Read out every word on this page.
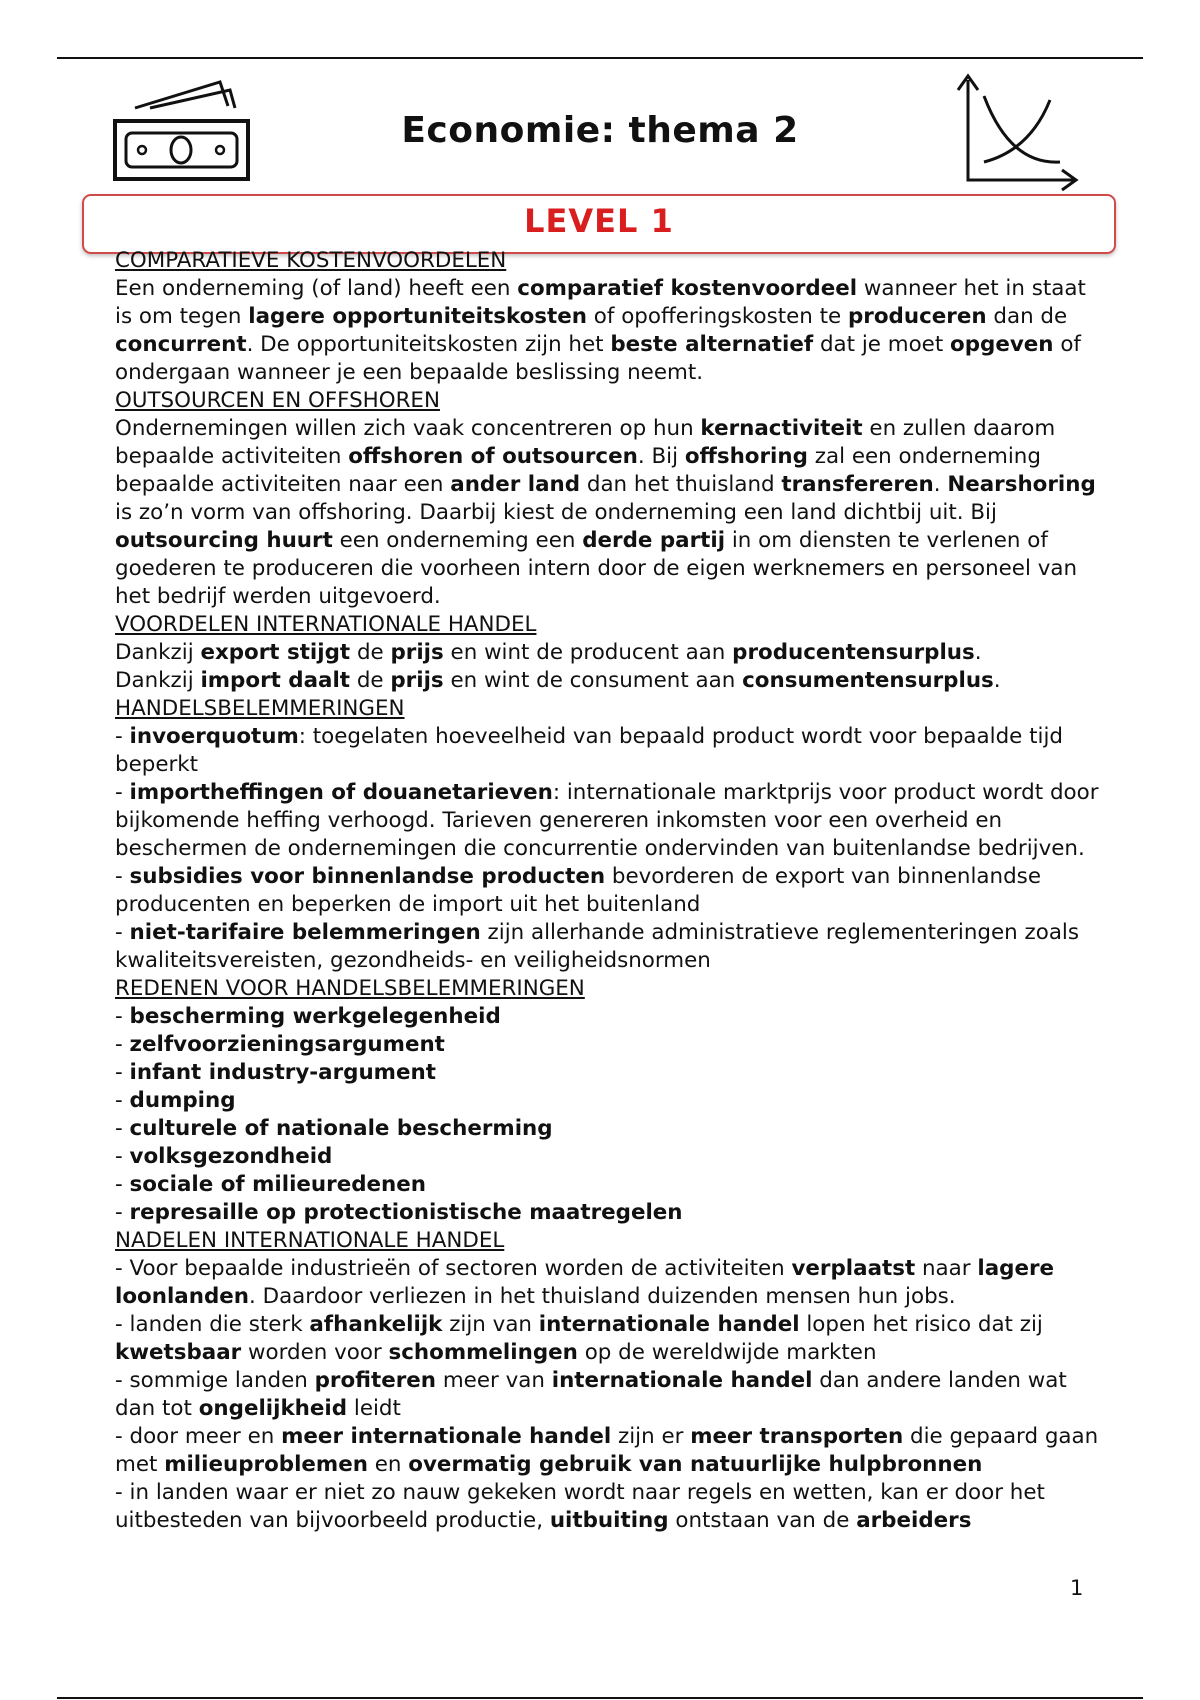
Economie: thema 2
LEVEL 1

COMPARATIEVE KOSTENVOORDELEN

Een onderneming (of land) heeft een comparatief kostenvoordeel wanneer het in staat is om tegen lagere opportuniteitskosten of opofferingskosten te produceren dan de concurrent. De opportuniteitskosten zijn het beste alternatief dat je moet opgeven of ondergaan wanneer je een bepaalde beslissing neemt.

OUTSOURCEN EN OFFSHOREN

Ondernemingen willen zich vaak concentreren op hun kernactiviteit en zullen daarom bepaalde activiteiten offshoren of outsourcen. Bij offshoring zal een onderneming bepaalde activiteiten naar een ander land dan het thuisland transfereren. Nearshoring is zo’n vorm van offshoring. Daarbij kiest de onderneming een land dichtbij uit. Bij outsourcing huurt een onderneming een derde partij in om diensten te verlenen of goederen te produceren die voorheen intern door de eigen werknemers en personeel van het bedrijf werden uitgevoerd.

VOORDELEN INTERNATIONALE HANDEL

Dankzij export stijgt de prijs en wint de producent aan producentensurplus.

Dankzij import daalt de prijs en wint de consument aan consumentensurplus.

HANDELSBELEMMERINGEN

- invoerquotum: toegelaten hoeveelheid van bepaald product wordt voor bepaalde tijd beperkt

- importheffingen of douanetarieven: internationale marktprijs voor product wordt door bijkomende heffing verhoogd. Tarieven genereren inkomsten voor een overheid en beschermen de ondernemingen die concurrentie ondervinden van buitenlandse bedrijven.

- subsidies voor binnenlandse producten bevorderen de export van binnenlandse producenten en beperken de import uit het buitenland

- niet-tarifaire belemmeringen zijn allerhande administratieve reglementeringen zoals kwaliteitsvereisten, gezondheids- en veiligheidsnormen

REDENEN VOOR HANDELSBELEMMERINGEN

- bescherming werkgelegenheid

- zelfvoorzieningsargument

- infant industry-argument

- dumping

- culturele of nationale bescherming

- volksgezondheid

- sociale of milieuredenen

- represaille op protectionistische maatregelen

NADELEN INTERNATIONALE HANDEL

- Voor bepaalde industrieën of sectoren worden de activiteiten verplaatst naar lagere loonlanden. Daardoor verliezen in het thuisland duizenden mensen hun jobs.

- landen die sterk afhankelijk zijn van internationale handel lopen het risico dat zij kwetsbaar worden voor schommelingen op de wereldwijde markten

- sommige landen profiteren meer van internationale handel dan andere landen wat dan tot ongelijkheid leidt

- door meer en meer internationale handel zijn er meer transporten die gepaard gaan met milieuproblemen en overmatig gebruik van natuurlijke hulpbronnen

- in landen waar er niet zo nauw gekeken wordt naar regels en wetten, kan er door het uitbesteden van bijvoorbeeld productie, uitbuiting ontstaan van de arbeiders

1
